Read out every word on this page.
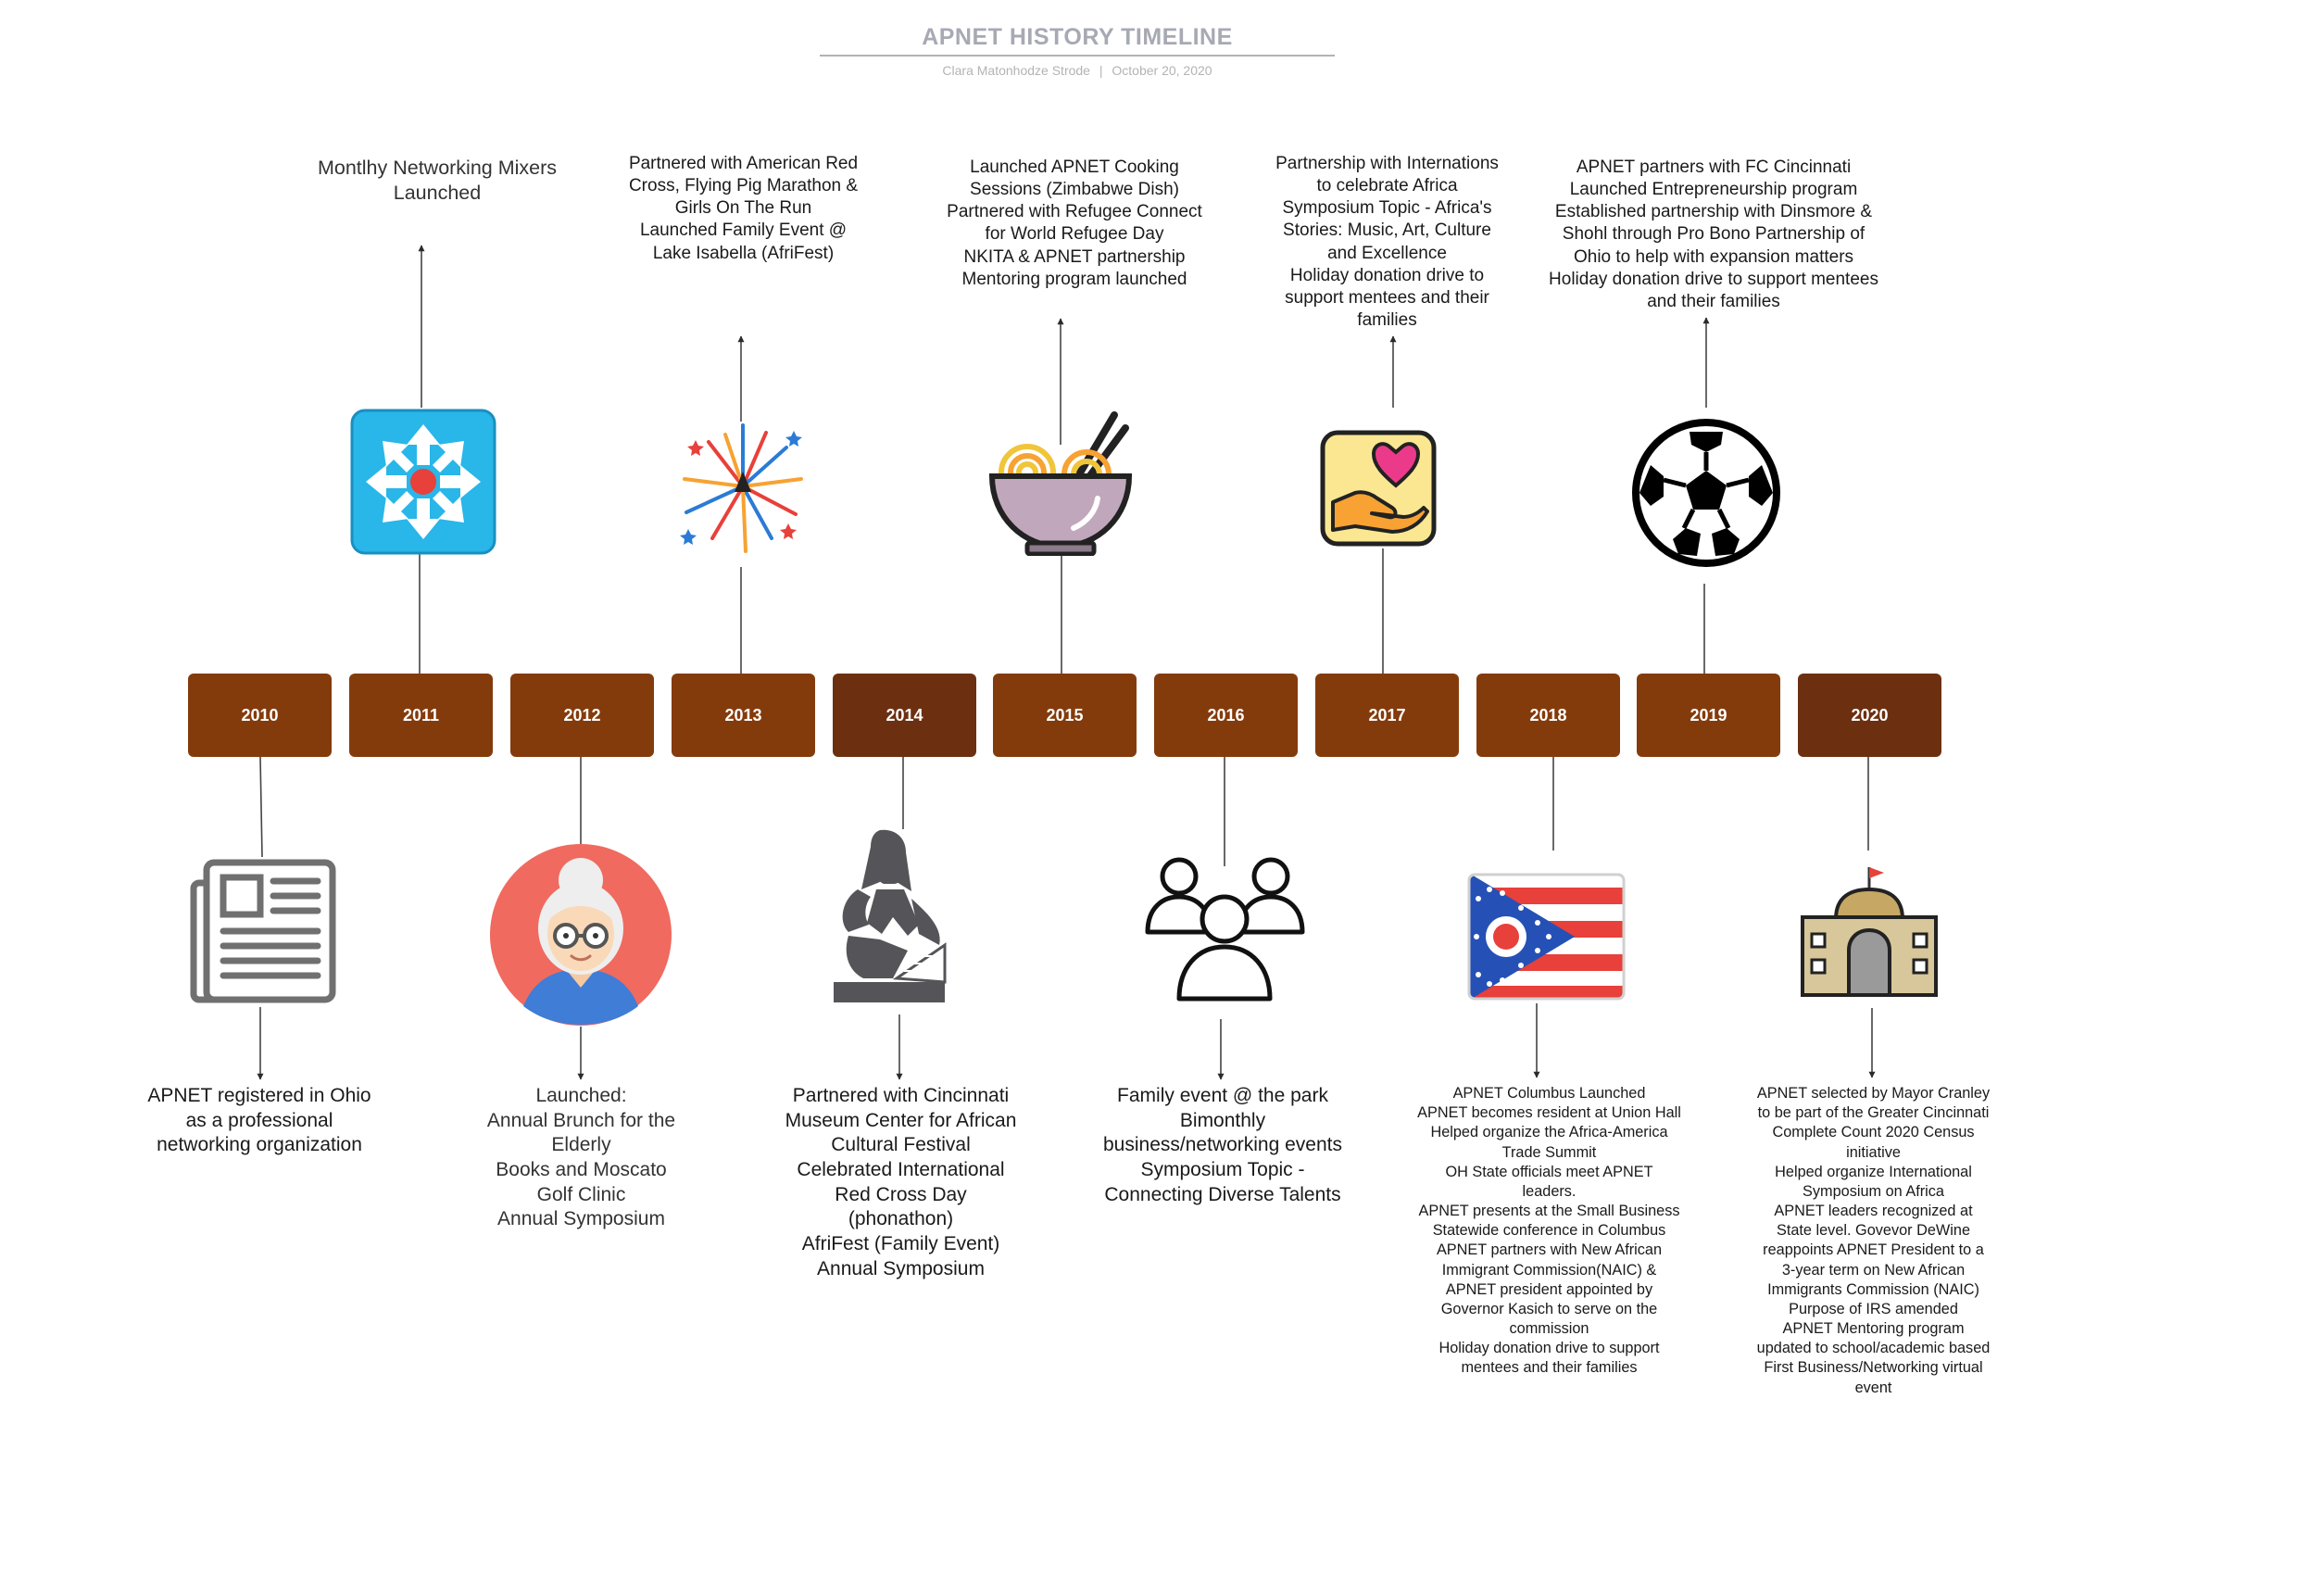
APNET HISTORY TIMELINE
Clara Matonhodze Strode | October 20, 2020
2010	2011	2012	2013	2014	2015	2016	2017	2018	2019	2020
Montlhy Networking Mixers
Launched
Partnered with American Red
Cross, Flying Pig Marathon &
Girls On The Run
Launched Family Event @
Lake Isabella (AfriFest)
Launched APNET Cooking
Sessions (Zimbabwe Dish)
Partnered with Refugee Connect
for World Refugee Day
NKITA & APNET partnership
Mentoring program launched
Partnership with Internations
to celebrate Africa
Symposium Topic - Africa's
Stories: Music, Art, Culture
and Excellence
Holiday donation drive to
support mentees and their
families
APNET partners with FC Cincinnati
Launched Entrepreneurship program
Established partnership with Dinsmore &
Shohl through Pro Bono Partnership of
Ohio to help with expansion matters
Holiday donation drive to support mentees
and their families
APNET registered in Ohio
as a professional
networking organization
Launched:
Annual Brunch for the
Elderly
Books and Moscato
Golf Clinic
Annual Symposium
Partnered with Cincinnati
Museum Center for African
Cultural Festival
Celebrated International
Red Cross Day
(phonathon)
AfriFest (Family Event)
Annual Symposium
Family event @ the park
Bimonthly
business/networking events
Symposium Topic -
Connecting Diverse Talents
APNET Columbus Launched
APNET becomes resident at Union Hall
Helped organize the Africa-America
Trade Summit
OH State officials meet APNET
leaders.
APNET presents at the Small Business
Statewide conference in Columbus
APNET partners with New African
Immigrant Commission(NAIC) &
APNET president appointed by
Governor Kasich to serve on the
commission
Holiday donation drive to support
mentees and their families
APNET selected by Mayor Cranley
to be part of the Greater Cincinnati
Complete Count 2020 Census
initiative
Helped organize International
Symposium on Africa
APNET leaders recognized at
State level. Govevor DeWine
reappoints APNET President to a
3-year term on New African
Immigrants Commission (NAIC)
Purpose of IRS amended
APNET Mentoring program
updated to school/academic based
First Business/Networking virtual
event
